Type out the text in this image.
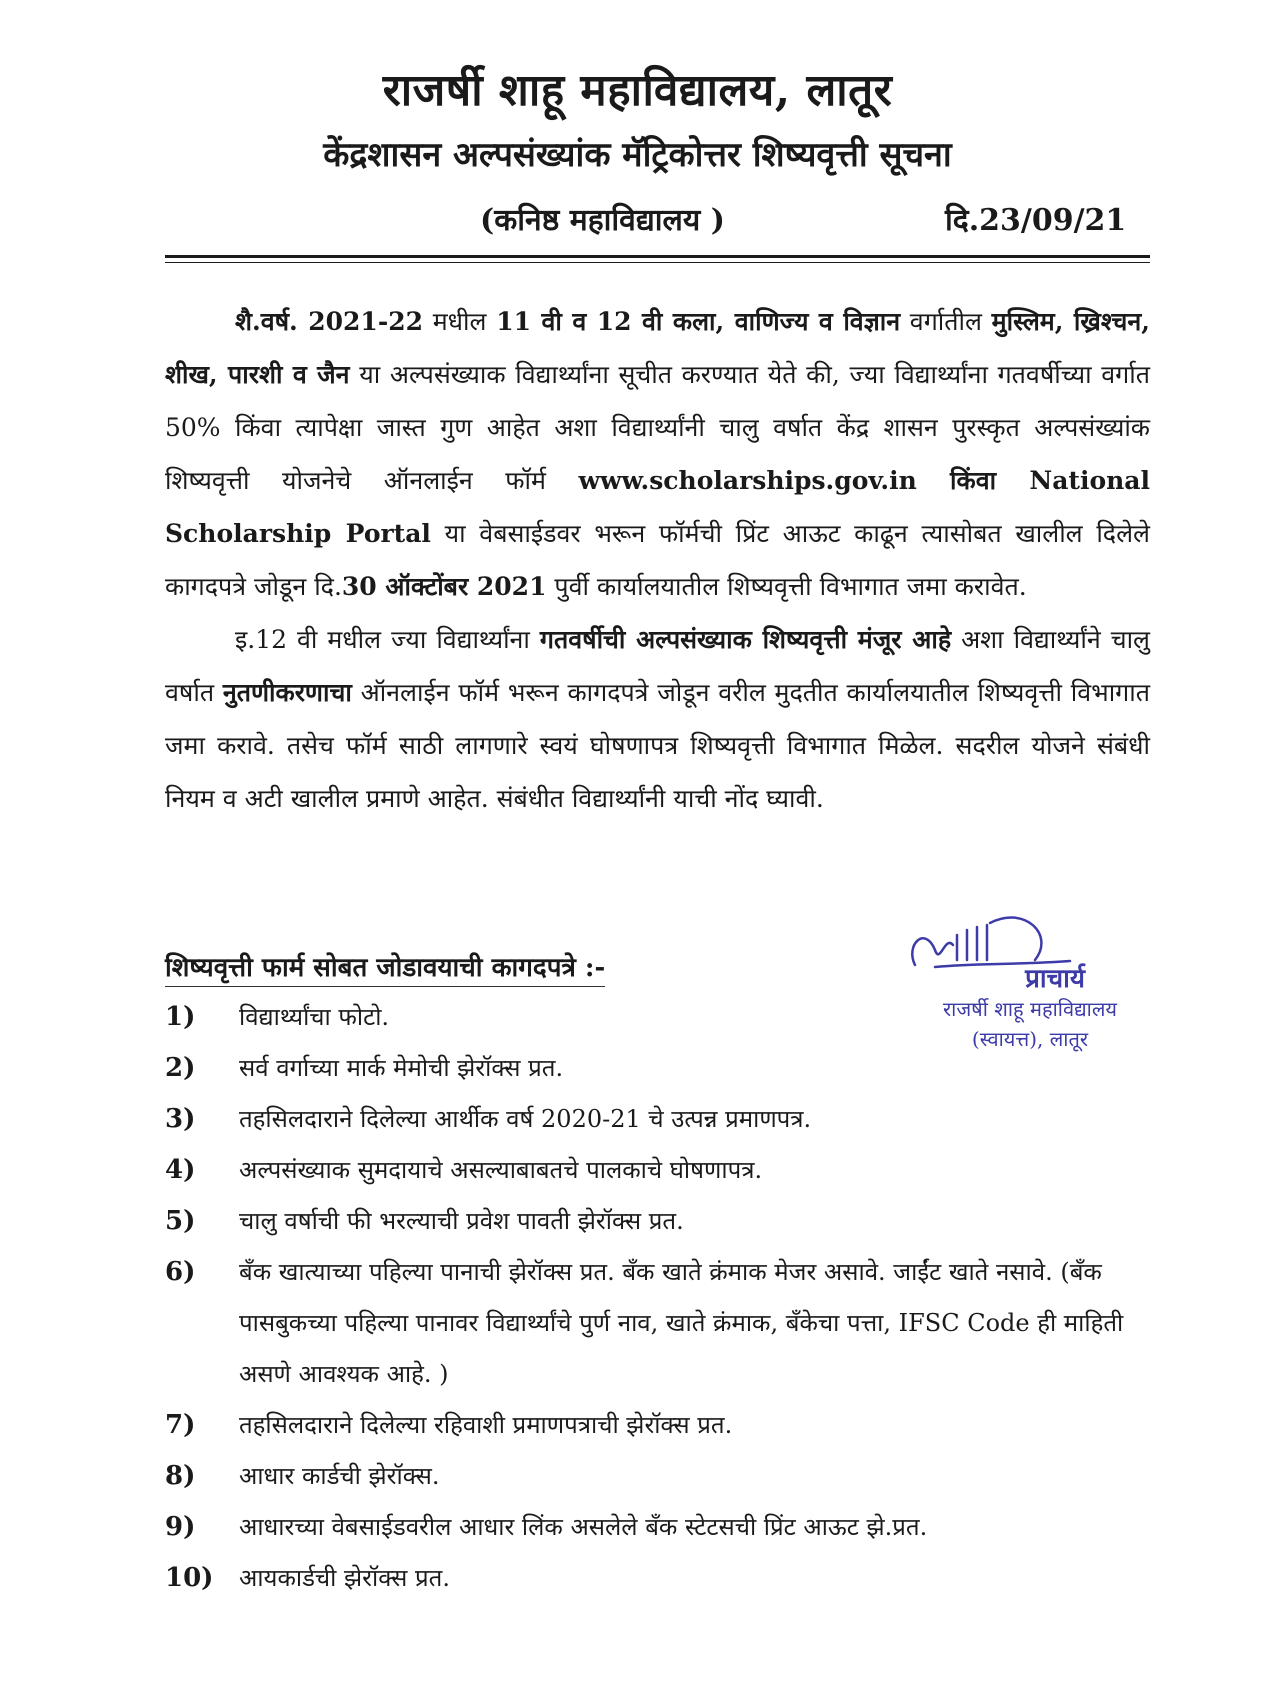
राजर्षी शाहू महाविद्यालय, लातूर
केंद्रशासन अल्पसंख्यांक मॅट्रिकोत्तर शिष्यवृत्ती सूचना
(कनिष्ठ महाविद्यालय )	दि.23/09/21

शै.वर्ष. 2021-22 मधील 11 वी व 12 वी कला, वाणिज्य व विज्ञान वर्गातील मुस्लिम, ख्रिश्चन, शीख, पारशी व जैन या अल्पसंख्याक विद्यार्थ्यांना सूचीत करण्यात येते की, ज्या विद्यार्थ्यांना गतवर्षीच्या वर्गात 50% किंवा त्यापेक्षा जास्त गुण आहेत अशा विद्यार्थ्यांनी चालु वर्षात केंद्र शासन पुरस्कृत अल्पसंख्यांक शिष्यवृत्ती योजनेचे ऑनलाईन फॉर्म www.scholarships.gov.in किंवा National Scholarship Portal या वेबसाईडवर भरून फॉर्मची प्रिंट आऊट काढून त्यासोबत खालील दिलेले कागदपत्रे जोडून दि.30 ऑक्टोंबर 2021 पुर्वी कार्यालयातील शिष्यवृत्ती विभागात जमा करावेत.

इ.12 वी मधील ज्या विद्यार्थ्यांना गतवर्षीची अल्पसंख्याक शिष्यवृत्ती मंजूर आहे अशा विद्यार्थ्यांने चालु वर्षात नुतणीकरणाचा ऑनलाईन फॉर्म भरून कागदपत्रे जोडून वरील मुदतीत कार्यालयातील शिष्यवृत्ती विभागात जमा करावे. तसेच फॉर्म साठी लागणारे स्वयं घोषणापत्र शिष्यवृत्ती विभागात मिळेल. सदरील योजने संबंधी नियम व अटी खालील प्रमाणे आहेत. संबंधीत विद्यार्थ्यांनी याची नोंद घ्यावी.

प्राचार्य
राजर्षी शाहू महाविद्यालय
(स्वायत्त), लातूर
शिष्यवृत्ती फार्म सोबत जोडावयाची कागदपत्रे :-
1)	विद्यार्थ्यांचा फोटो.
2)	सर्व वर्गाच्या मार्क मेमोची झेरॉक्स प्रत.
3)	तहसिलदाराने दिलेल्या आर्थीक वर्ष 2020-21 चे उत्पन्न प्रमाणपत्र.
4)	अल्पसंख्याक सुमदायाचे असल्याबाबतचे पालकाचे घोषणापत्र.
5)	चालु वर्षाची फी भरल्याची प्रवेश पावती झेरॉक्स प्रत.
6)	बँक खात्याच्या पहिल्या पानाची झेरॉक्स प्रत. बँक खाते क्रंमाक मेजर असावे. जाईंट खाते नसावे. (बँक पासबुकच्या पहिल्या पानावर विद्यार्थ्यांचे पुर्ण नाव, खाते क्रंमाक, बँकेचा पत्ता, IFSC Code ही माहिती असणे आवश्यक आहे. )
7)	तहसिलदाराने दिलेल्या रहिवाशी प्रमाणपत्राची झेरॉक्स प्रत.
8)	आधार कार्डची झेरॉक्स.
9)	आधारच्या वेबसाईडवरील आधार लिंक असलेले बँक स्टेटसची प्रिंट आऊट झे.प्रत.
10)	आयकार्डची झेरॉक्स प्रत.
